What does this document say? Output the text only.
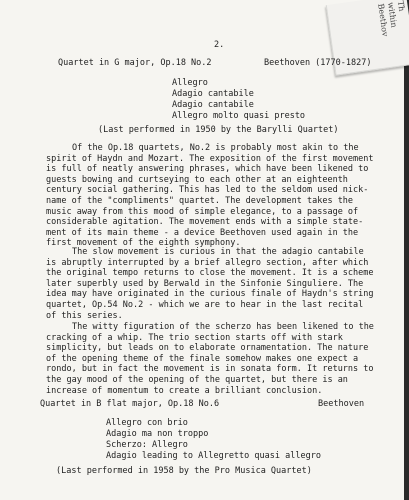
Th
within
Beethov
2.
Quartet in G major, Op.18 No.2	Beethoven (1770-1827)
Allegro
Adagio cantabile
Adagio cantabile
Allegro molto quasi presto
(Last performed in 1950 by the Barylli Quartet)
Of the Op.18 quartets, No.2 is probably most akin to the spirit of Haydn and Mozart. The exposition of the first movement is full of neatly answering phrases, which have been likened to guests bowing and curtseying to each other at an eighteenth century social gathering. This has led to the seldom used nick-name of the "compliments" quartet. The development takes the music away from this mood of simple elegance, to a passage of considerable agitation. The movement ends with a simple state-ment of its main theme - a device Beethoven used again in the first movement of the eighth symphony.
The slow movement is curious in that the adagio cantabile is abruptly interrupted by a brief allegro section, after which the original tempo returns to close the movement. It is a scheme later superbly used by Berwald in the Sinfonie Singuliere. The idea may have originated in the curious finale of Haydn's string quartet, Op.54 No.2 - which we are to hear in the last recital of this series.
The witty figuration of the scherzo has been likened to the cracking of a whip. The trio section starts off with stark simplicity, but leads on to elaborate ornamentation. The nature of the opening theme of the finale somehow makes one expect a rondo, but in fact the movement is in sonata form. It returns to the gay mood of the opening of the quartet, but there is an increase of momentum to create a brilliant conclusion.
Quartet in B flat major, Op.18 No.6	Beethoven
Allegro con brio
Adagio ma non troppo
Scherzo: Allegro
Adagio leading to Allegretto quasi allegro
(Last performed in 1958 by the Pro Musica Quartet)
